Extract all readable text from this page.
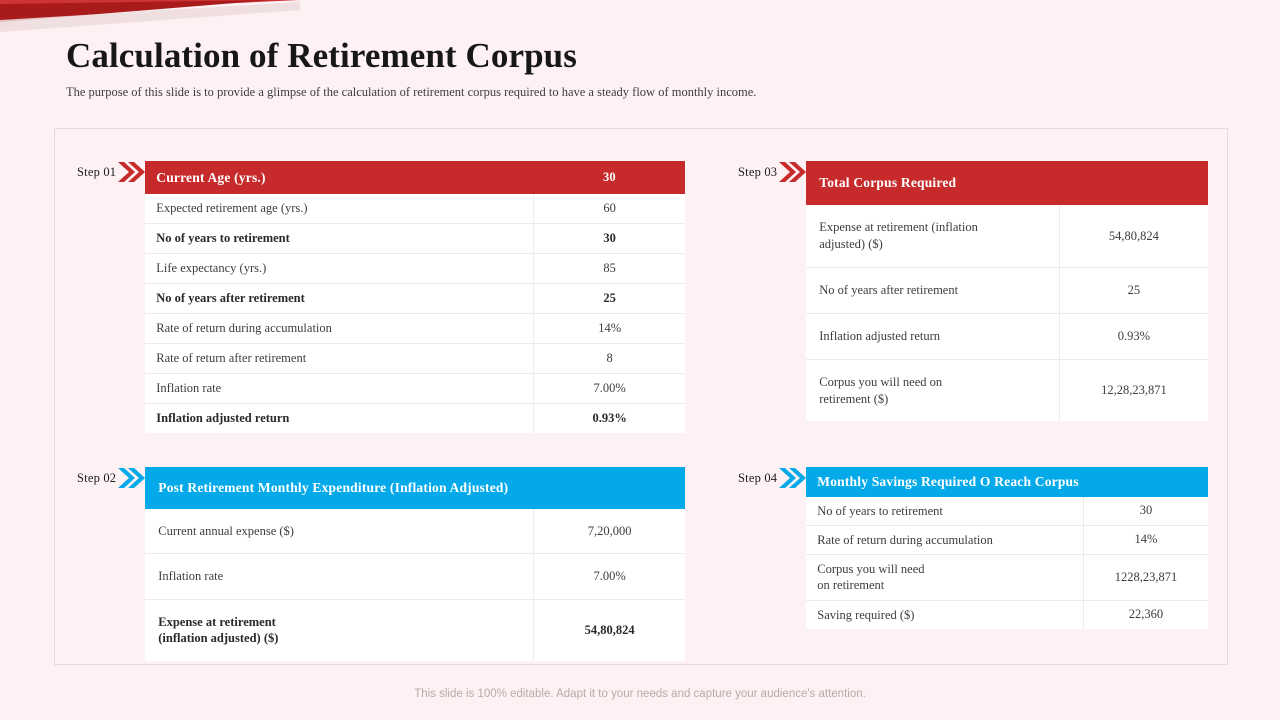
Calculation of Retirement Corpus
The purpose of this slide is to provide a glimpse of the calculation of retirement corpus required to have a steady flow of monthly income.
Step 01	Current Age (yrs.)	30
Expected retirement age (yrs.)	60
No of years to retirement	30
Life expectancy (yrs.)	85
No of years after retirement	25
Rate of return during accumulation	14%
Rate of return after retirement	8
Inflation rate	7.00%
Inflation adjusted return	0.93%
Step 02
Post Retirement Monthly Expenditure (Inflation Adjusted)	
Current annual expense ($)	7,20,000
Inflation rate	7.00%
Expense at retirement
(inflation adjusted) ($)	54,80,824
Step 03
Total Corpus Required	
Expense at retirement (inflation
adjusted) ($)	54,80,824
No of years after retirement	25
Inflation adjusted return	0.93%
Corpus you will need on
retirement ($)	12,28,23,871
Step 04	Monthly Savings Required O Reach Corpus	
No of years to retirement	30
Rate of return during accumulation	14%
Corpus you will need
on retirement	1228,23,871
Saving required ($)	22,360
This slide is 100% editable. Adapt it to your needs and capture your audience's attention.
